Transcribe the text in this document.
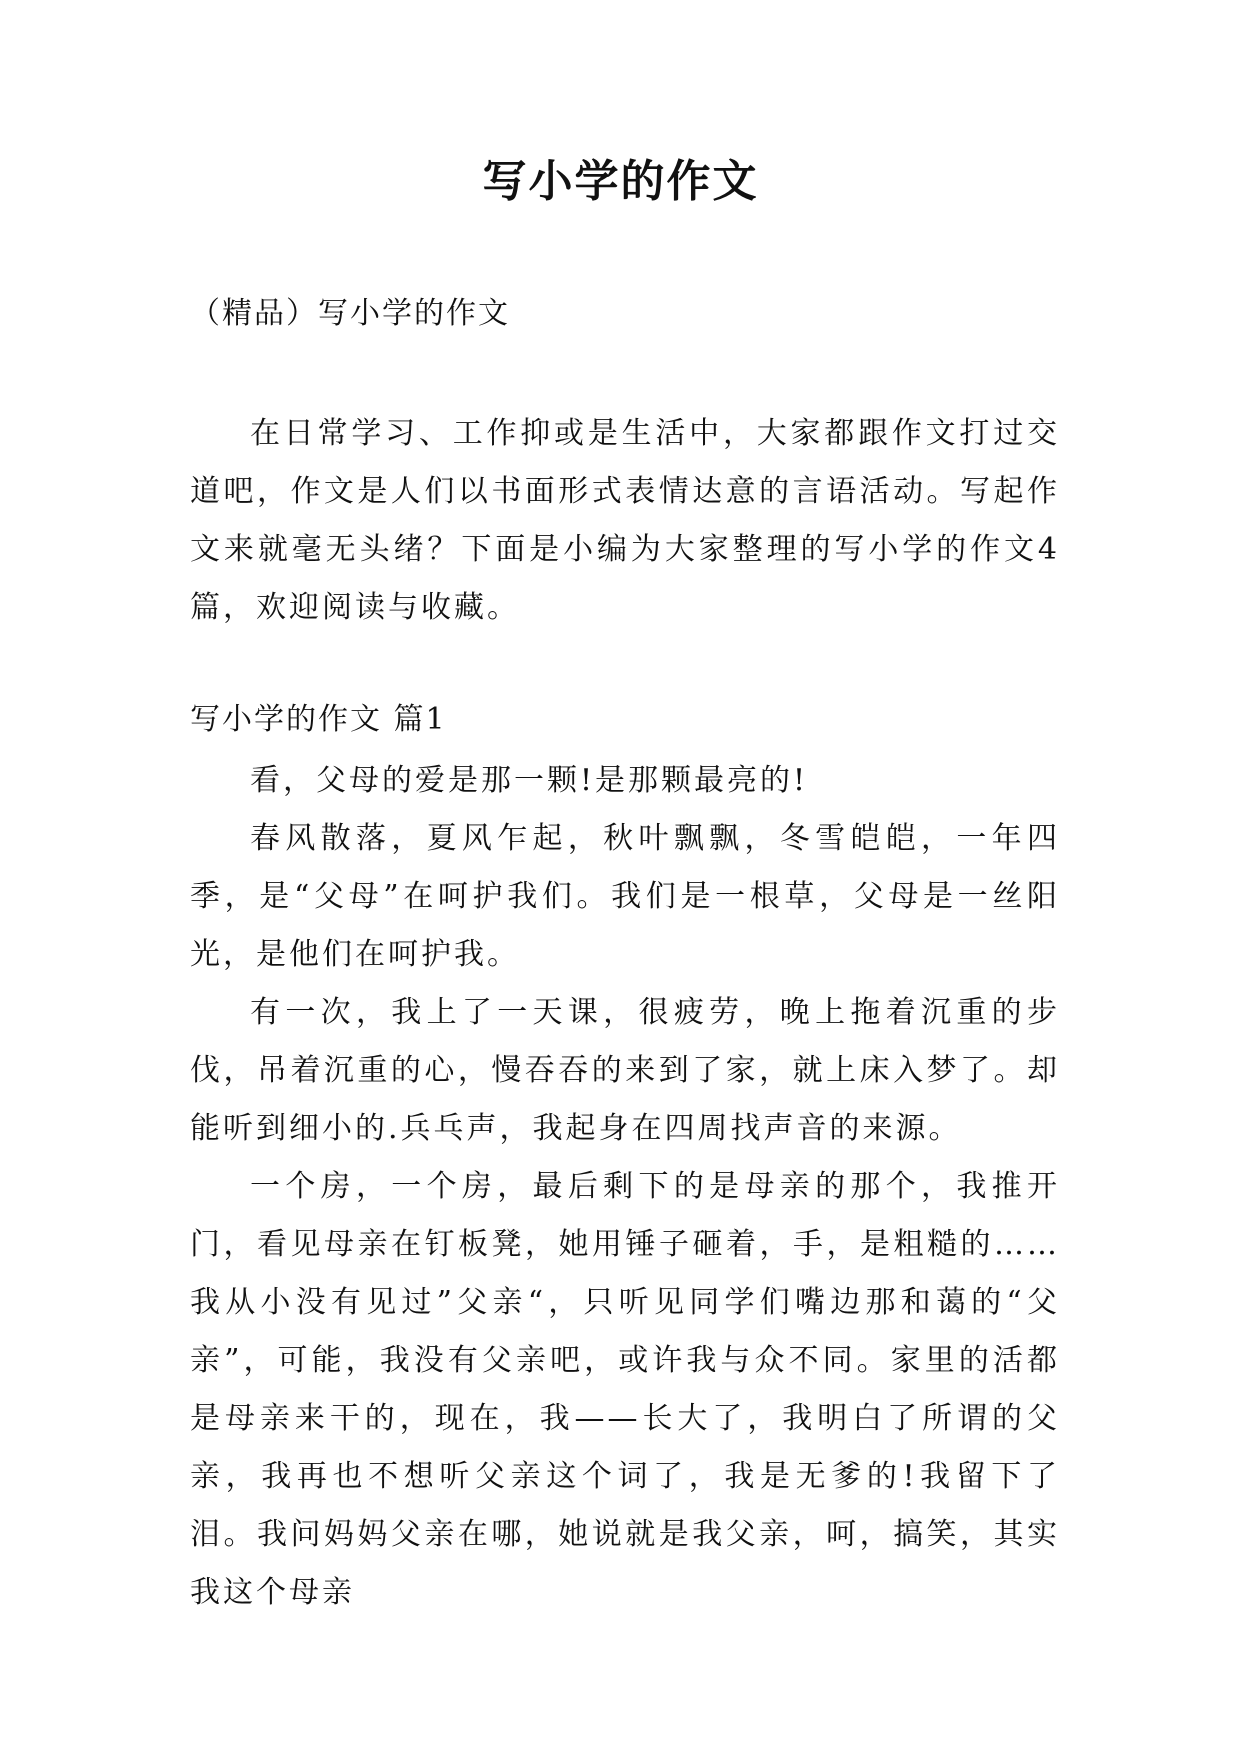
写小学的作文
（精品）写小学的作文

在日常学习、工作抑或是生活中，大家都跟作文打过交道吧，作文是人们以书面形式表情达意的言语活动。写起作文来就毫无头绪？下面是小编为大家整理的写小学的作文4篇，欢迎阅读与收藏。

写小学的作文 篇1

看，父母的爱是那一颗!是那颗最亮的!

春风散落，夏风乍起，秋叶飘飘，冬雪皑皑，一年四季，是“父母”在呵护我们。我们是一根草，父母是一丝阳光，是他们在呵护我。

有一次，我上了一天课，很疲劳，晚上拖着沉重的步伐，吊着沉重的心，慢吞吞的来到了家，就上床入梦了。却能听到细小的.兵乓声，我起身在四周找声音的来源。

一个房，一个房，最后剩下的是母亲的那个，我推开门，看见母亲在钉板凳，她用锤子砸着，手，是粗糙的……我从小没有见过”父亲“，只听见同学们嘴边那和蔼的“父亲”，可能，我没有父亲吧，或许我与众不同。家里的活都是母亲来干的，现在，我——长大了，我明白了所谓的父亲，我再也不想听父亲这个词了，我是无爹的!我留下了泪。我问妈妈父亲在哪，她说就是我父亲，呵，搞笑，其实我这个母亲
